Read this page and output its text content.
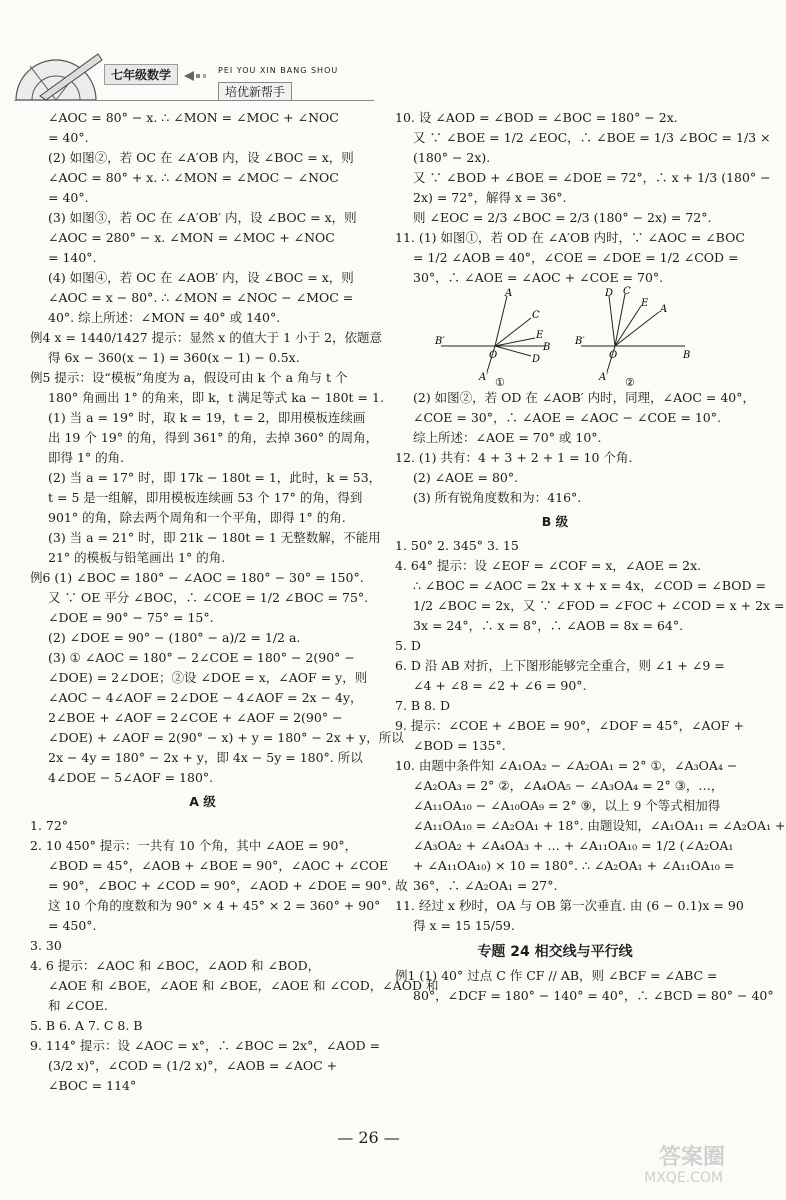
七年级数学	PEI YOU XIN BANG SHOU
培优新帮手
∠AOC = 80° − x. ∴ ∠MON = ∠MOC + ∠NOC
= 40°.
(2) 如图②，若 OC 在 ∠A′OB 内，设 ∠BOC = x，则
∠AOC = 80° + x. ∴ ∠MON = ∠MOC − ∠NOC
= 40°.
(3) 如图③，若 OC 在 ∠A′OB′ 内，设 ∠BOC = x，则
∠AOC = 280° − x. ∠MON = ∠MOC + ∠NOC
= 140°.
(4) 如图④，若 OC 在 ∠AOB′ 内，设 ∠BOC = x，则
∠AOC = x − 80°. ∴ ∠MON = ∠NOC − ∠MOC =
40°. 综上所述：∠MON = 40° 或 140°.
例4 x = 1440/1427 提示：显然 x 的值大于 1 小于 2，依题意
得 6x − 360(x − 1) = 360(x − 1) − 0.5x.
例5 提示：设“模板”角度为 a，假设可由 k 个 a 角与 t 个
180° 角画出 1° 的角来，即 k，t 满足等式 ka − 180t = 1.
(1) 当 a = 19° 时，取 k = 19，t = 2，即用模板连续画
出 19 个 19° 的角，得到 361° 的角，去掉 360° 的周角，
即得 1° 的角.
(2) 当 a = 17° 时，即 17k − 180t = 1，此时，k = 53，
t = 5 是一组解，即用模板连续画 53 个 17° 的角，得到
901° 的角，除去两个周角和一个平角，即得 1° 的角.
(3) 当 a = 21° 时，即 21k − 180t = 1 无整数解，不能用
21° 的模板与铅笔画出 1° 的角.
例6 (1) ∠BOC = 180° − ∠AOC = 180° − 30° = 150°.
又 ∵ OE 平分 ∠BOC，∴ ∠COE = 1/2 ∠BOC = 75°.
∠DOE = 90° − 75° = 15°.
(2) ∠DOE = 90° − (180° − a)/2 = 1/2 a.
(3) ① ∠AOC = 180° − 2∠COE = 180° − 2(90° −
∠DOE) = 2∠DOE；②设 ∠DOE = x，∠AOF = y，则
∠AOC − 4∠AOF = 2∠DOE − 4∠AOF = 2x − 4y，
2∠BOE + ∠AOF = 2∠COE + ∠AOF = 2(90° −
∠DOE) + ∠AOF = 2(90° − x) + y = 180° − 2x + y，所以
2x − 4y = 180° − 2x + y，即 4x − 5y = 180°. 所以
4∠DOE − 5∠AOF = 180°.
A 级
1. 72°
2. 10 450° 提示：一共有 10 个角，其中 ∠AOE = 90°，
∠BOD = 45°，∠AOB + ∠BOE = 90°，∠AOC + ∠COE
= 90°，∠BOC + ∠COD = 90°，∠AOD + ∠DOE = 90°. 故
这 10 个角的度数和为 90° × 4 + 45° × 2 = 360° + 90°
= 450°.
3. 30
4. 6 提示：∠AOC 和 ∠BOC，∠AOD 和 ∠BOD，
∠AOE 和 ∠BOE，∠AOE 和 ∠BOE，∠AOE 和 ∠COD，∠AOD 和
和 ∠COE.
5. B 6. A 7. C 8. B
9. 114° 提示：设 ∠AOC = x°，∴ ∠BOC = 2x°，∠AOD =
(3/2 x)°，∠COD = (1/2 x)°，∠AOB = ∠AOC +
∠BOC = 114°
10. 设 ∠AOD = ∠BOD = ∠BOC = 180° − 2x.
又 ∵ ∠BOE = 1/2 ∠EOC，∴ ∠BOE = 1/3 ∠BOC = 1/3 ×
(180° − 2x).
又 ∵ ∠BOD + ∠BOE = ∠DOE = 72°，∴ x + 1/3 (180° −
2x) = 72°，解得 x = 36°.
则 ∠EOC = 2/3 ∠BOC = 2/3 (180° − 2x) = 72°.
11. (1) 如图①，若 OD 在 ∠A′OB 内时，∵ ∠AOC = ∠BOC
= 1/2 ∠AOB = 40°，∠COE = ∠DOE = 1/2 ∠COD =
30°，∴ ∠AOE = ∠AOC + ∠COE = 70°.
A
C
E
B
D
B′
A′
O
①
D C
E
A
B
B′
A′
O
②
(2) 如图②，若 OD 在 ∠AOB′ 内时，同理，∠AOC = 40°，
∠COE = 30°，∴ ∠AOE = ∠AOC − ∠COE = 10°.
综上所述：∠AOE = 70° 或 10°.
12. (1) 共有：4 + 3 + 2 + 1 = 10 个角.
(2) ∠AOE = 80°.
(3) 所有锐角度数和为：416°.
B 级
1. 50° 2. 345° 3. 15
4. 64° 提示：设 ∠EOF = ∠COF = x，∠AOE = 2x.
∴ ∠BOC = ∠AOC = 2x + x + x = 4x，∠COD = ∠BOD =
1/2 ∠BOC = 2x，又 ∵ ∠FOD = ∠FOC + ∠COD = x + 2x =
3x = 24°，∴ x = 8°，∴ ∠AOB = 8x = 64°.
5. D
6. D 沿 AB 对折，上下图形能够完全重合，则 ∠1 + ∠9 =
∠4 + ∠8 = ∠2 + ∠6 = 90°.
7. B 8. D
9. 提示：∠COE + ∠BOE = 90°，∠DOF = 45°，∠AOF +
∠BOD = 135°.
10. 由题中条件知 ∠A₁OA₂ − ∠A₂OA₁ = 2° ①，∠A₃OA₄ −
∠A₂OA₃ = 2° ②，∠A₄OA₅ − ∠A₃OA₄ = 2° ③，…，
∠A₁₁OA₁₀ − ∠A₁₀OA₉ = 2° ⑨，以上 9 个等式相加得
∠A₁₁OA₁₀ = ∠A₂OA₁ + 18°. 由题设知，∠A₁OA₁₁ = ∠A₂OA₁ +
∠A₃OA₂ + ∠A₄OA₃ + … + ∠A₁₁OA₁₀ = 1/2 (∠A₂OA₁
+ ∠A₁₁OA₁₀) × 10 = 180°. ∴ ∠A₂OA₁ + ∠A₁₁OA₁₀ =
36°，∴ ∠A₂OA₁ = 27°.
11. 经过 x 秒时，OA 与 OB 第一次垂直. 由 (6 − 0.1)x = 90
得 x = 15 15/59.
专题 24 相交线与平行线
例1 (1) 40° 过点 C 作 CF // AB，则 ∠BCF = ∠ABC =
80°，∠DCF = 180° − 140° = 40°，∴ ∠BCD = 80° − 40°
— 26 —
答案圈
MXQE.COM
